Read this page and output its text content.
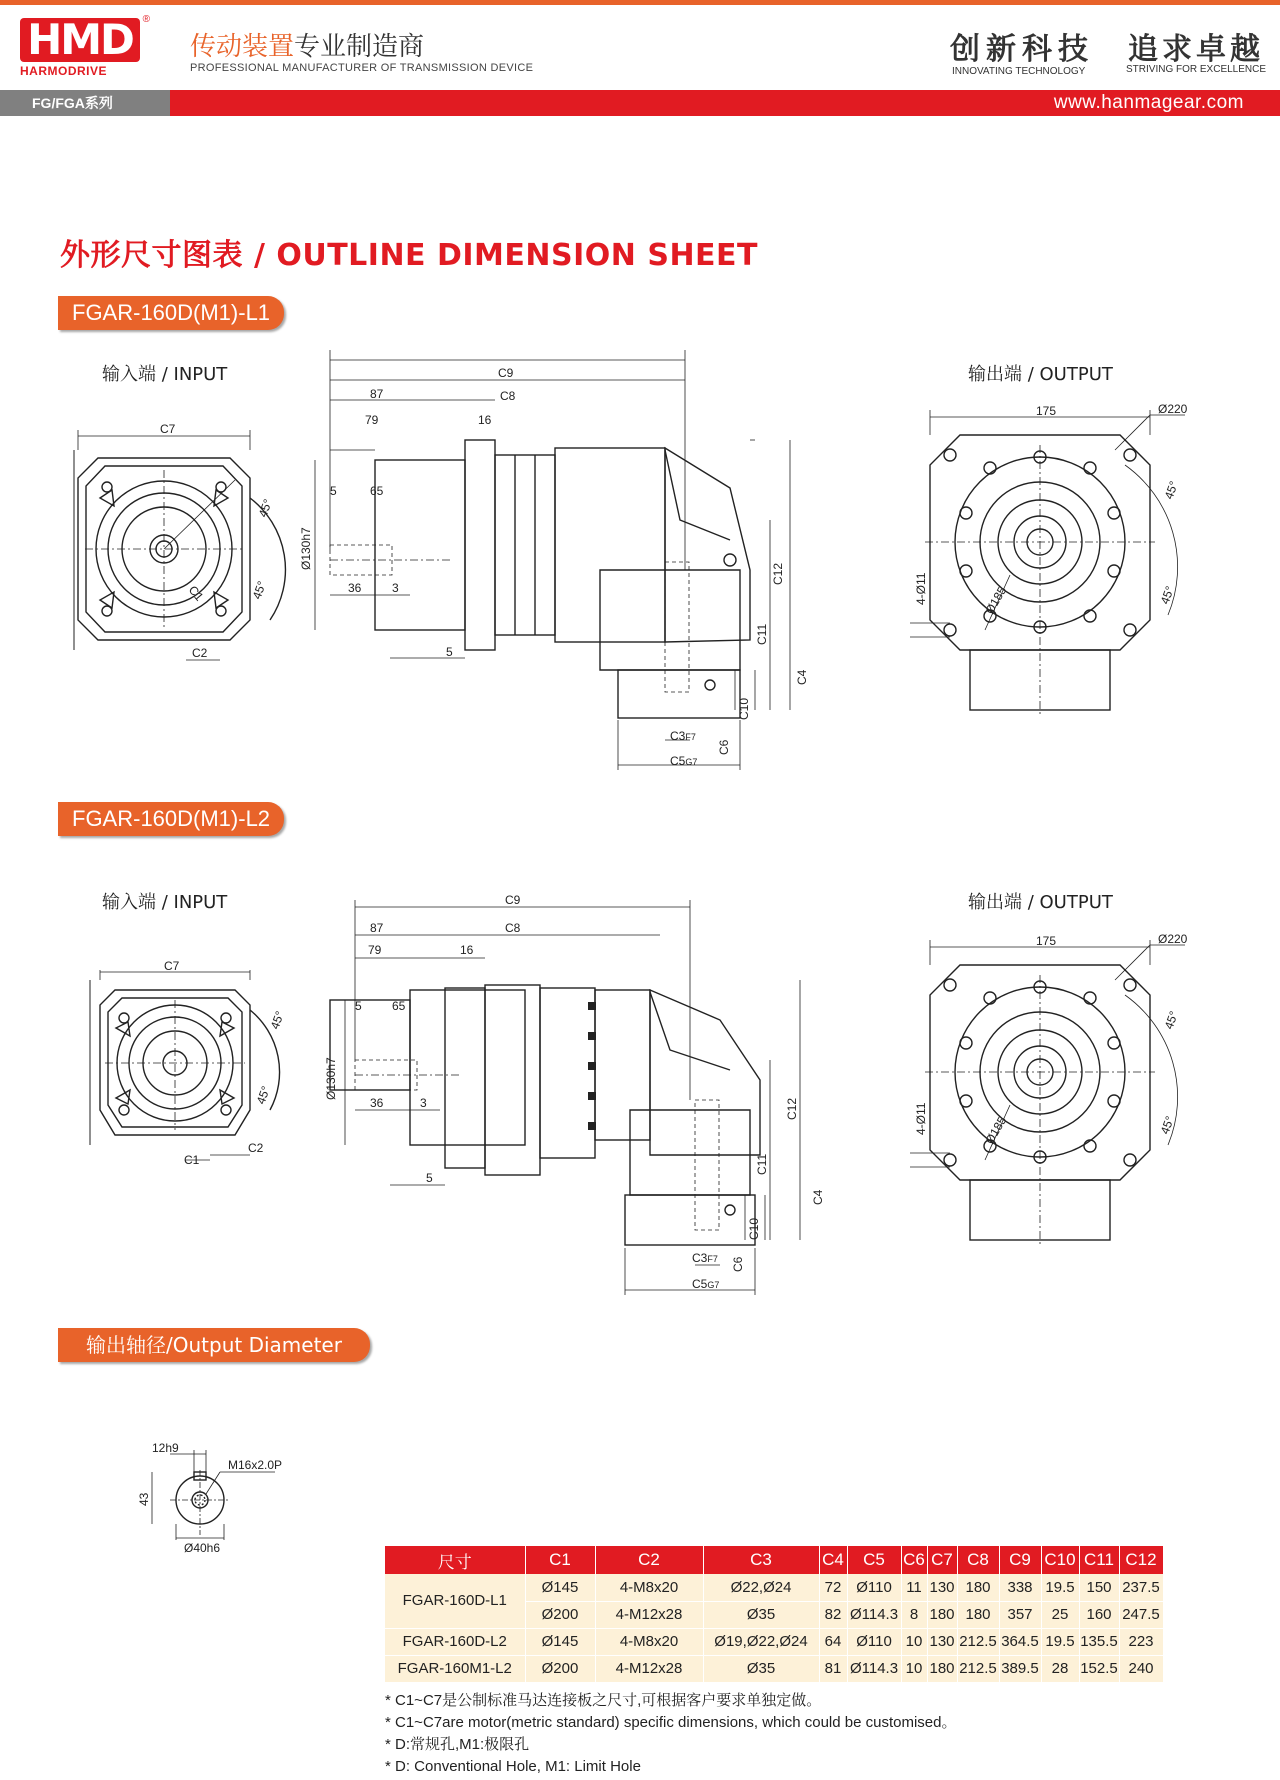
HMD ®
HARMODRIVE
传动装置专业制造商
PROFESSIONAL MANUFACTURER OF TRANSMISSION DEVICE
创新科技
INNOVATING TECHNOLOGY
追求卓越
STRIVING FOR EXCELLENCE
FG/FGA系列	www.hanmagear.com
外形尺寸图表 / OUTLINE DIMENSION SHEET
FGAR-160D(M1)-L1
输入端 / INPUT	输出端 / OUTPUT
FGAR-160D(M1)-L2
输入端 / INPUT	输出端 / OUTPUT
输出轴径/Output Diameter
C7
C2
C1
45°
45°
C9
C8
87
79	16
5	65
36	3
5
Ø130h7
C12
C11
C4
C10
C6
C3F7
C5G7
175	Ø220
4-Ø11	Ø185
45°
45°
C7
C2
C1
45°
45°
C9
C8
87
79	16
5	65
36	3
5
Ø130h7
C12
C11
C4
C10
C6
C3F7
C5G7
175	Ø220
4-Ø11	Ø185
45°
45°
12h9
43
M16x2.0P
Ø40h6
尺寸	C1	C2	C3	C4	C5	C6	C7	C8	C9	C10	C11	C12
FGAR-160D-L1	Ø145	4-M8x20	Ø22,Ø24	72	Ø110	11	130	180	338	19.5	150	237.5
	Ø200	4-M12x28	Ø35	82	Ø114.3	8	180	180	357	25	160	247.5
FGAR-160D-L2	Ø145	4-M8x20	Ø19,Ø22,Ø24	64	Ø110	10	130	212.5	364.5	19.5	135.5	223
FGAR-160M1-L2	Ø200	4-M12x28	Ø35	81	Ø114.3	10	180	212.5	389.5	28	152.5	240
* C1~C7是公制标准马达连接板之尺寸,可根据客户要求单独定做。
* C1~C7are motor(metric standard) specific dimensions, which could be customised。
* D:常规孔,M1:极限孔
* D: Conventional Hole, M1: Limit Hole
